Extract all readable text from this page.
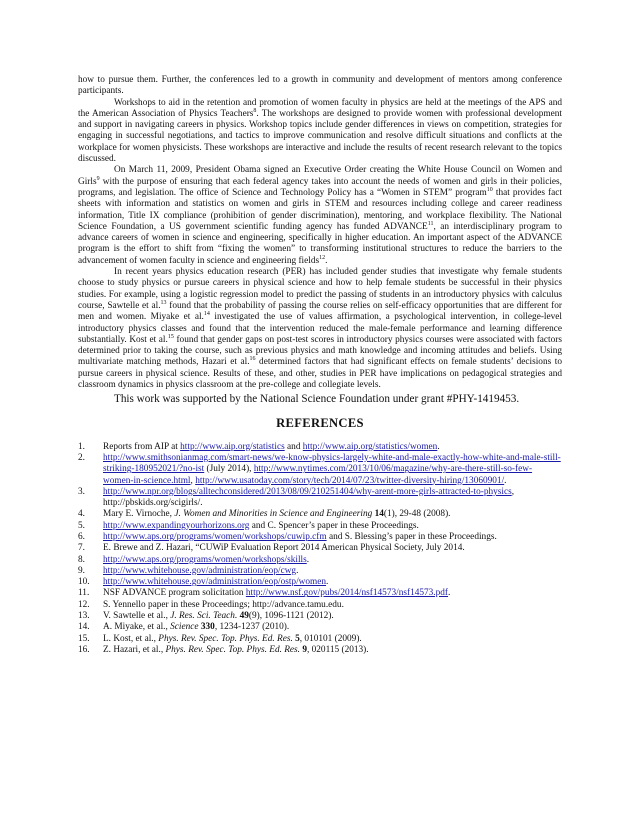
how to pursue them. Further, the conferences led to a growth in community and development of mentors among conference participants.

Workshops to aid in the retention and promotion of women faculty in physics are held at the meetings of the APS and the American Association of Physics Teachers$^8$. The workshops are designed to provide women with professional development and support in navigating careers in physics. Workshop topics include gender differences in views on competition, strategies for engaging in successful negotiations, and tactics to improve communication and resolve difficult situations and conflicts at the workplace for women physicists. These workshops are interactive and include the results of recent research relevant to the topics discussed.

On March 11, 2009, President Obama signed an Executive Order creating the White House Council on Women and Girls$^9$ with the purpose of ensuring that each federal agency takes into account the needs of women and girls in their policies, programs, and legislation. The office of Science and Technology Policy has a “Women in STEM” program$^{10}$ that provides fact sheets with information and statistics on women and girls in STEM and resources including college and career readiness information, Title IX compliance (prohibition of gender discrimination), mentoring, and workplace flexibility. The National Science Foundation, a US government scientific funding agency has funded ADVANCE$^{11}$, an interdisciplinary program to advance careers of women in science and engineering, specifically in higher education. An important aspect of the ADVANCE program is the effort to shift from “fixing the women” to transforming institutional structures to reduce the barriers to the advancement of women faculty in science and engineering fields$^{12}$.

In recent years physics education research (PER) has included gender studies that investigate why female students choose to study physics or pursue careers in physical science and how to help female students be successful in their physics studies. For example, using a logistic regression model to predict the passing of students in an introductory physics with calculus course, Sawtelle et al.$^{13}$ found that the probability of passing the course relies on self-efficacy opportunities that are different for men and women. Miyake et al.$^{14}$ investigated the use of values affirmation, a psychological intervention, in college-level introductory physics classes and found that the intervention reduced the male-female performance and learning difference substantially. Kost et al.$^{15}$ found that gender gaps on post-test scores in introductory physics courses were associated with factors determined prior to taking the course, such as previous physics and math knowledge and incoming attitudes and beliefs. Using multivariate matching methods, Hazari et al.$^{16}$ determined factors that had significant effects on female students’ decisions to pursue careers in physical science. Results of these, and other, studies in PER have implications on pedagogical strategies and classroom dynamics in physics classroom at the pre-college and collegiate levels.

This work was supported by the National Science Foundation under grant #PHY-1419453.

REFERENCES
1. Reports from AIP at http://www.aip.org/statistics and http://www.aip.org/statistics/women.
2. http://www.smithsonianmag.com/smart-news/we-know-physics-largely-white-and-male-exactly-how-white-and-male-still-striking-180952021/?no-ist (July 2014), http://www.nytimes.com/2013/10/06/magazine/why-are-there-still-so-few-women-in-science.html, http://www.usatoday.com/story/tech/2014/07/23/twitter-diversity-hiring/13060901/.
3. http://www.npr.org/blogs/alltechconsidered/2013/08/09/210251404/why-arent-more-girls-attracted-to-physics, http://pbskids.org/scigirls/.
4. Mary E. Virnoche, J. Women and Minorities in Science and Engineering 14(1), 29-48 (2008).
5. http://www.expandingyourhorizons.org and C. Spencer’s paper in these Proceedings.
6. http://www.aps.org/programs/women/workshops/cuwip.cfm and S. Blessing’s paper in these Proceedings.
7. E. Brewe and Z. Hazari, “CUWiP Evaluation Report 2014 American Physical Society, July 2014.
8. http://www.aps.org/programs/women/workshops/skills.
9. http://www.whitehouse.gov/administration/eop/cwg.
10. http://www.whitehouse.gov/administration/eop/ostp/women.
11. NSF ADVANCE program solicitation http://www.nsf.gov/pubs/2014/nsf14573/nsf14573.pdf.
12. S. Yennello paper in these Proceedings; http://advance.tamu.edu.
13. V. Sawtelle et al., J. Res. Sci. Teach. 49(9), 1096-1121 (2012).
14. A. Miyake, et al., Science 330, 1234-1237 (2010).
15. L. Kost, et al., Phys. Rev. Spec. Top. Phys. Ed. Res. 5, 010101 (2009).
16. Z. Hazari, et al., Phys. Rev. Spec. Top. Phys. Ed. Res. 9, 020115 (2013).
